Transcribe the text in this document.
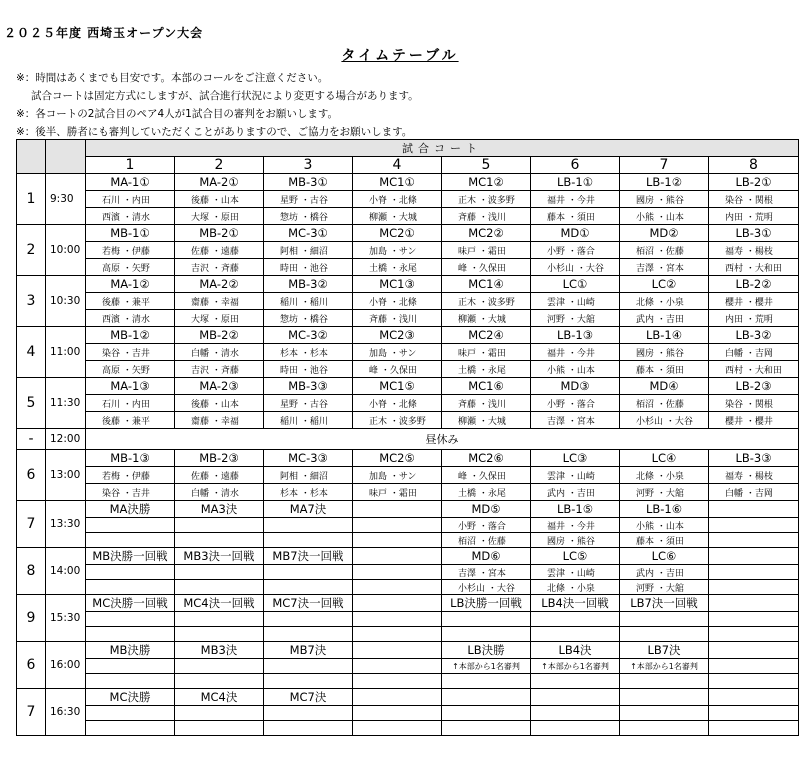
２０２５年度 西埼玉オープン大会
タイムテーブル
※：時間はあくまでも目安です。本部のコールをご注意ください。
試合コートは固定方式にしますが、試合進行状況により変更する場合があります。
※：各コートの2試合目のペア4人が1試合目の審判をお願いします。
※：後半、勝者にも審判していただくことがありますので、ご協力をお願いします。
		試合コート							
		1	2	3	4	5	6	7	8
1	9:30	MA-1①	MA-2①	MB-3①	MC1①	MC1②	LB-1①	LB-1②	LB-2①
		石川 ・内田	後藤 ・山本	星野 ・古谷	小脊 ・北條	正木 ・波多野	福井 ・今井	國房 ・熊谷	染谷 ・関根
		西濱 ・清水	大塚 ・原田	惣坊 ・橋谷	柳瀬 ・大城	斉藤 ・浅川	藤本 ・須田	小熊 ・山本	内田 ・荒明
2	10:00	MB-1①	MB-2①	MC-3①	MC2①	MC2②	MD①	MD②	LB-3①
		若梅 ・伊藤	佐藤 ・遠藤	阿相 ・細沼	加島 ・サン	味戸 ・霜田	小野 ・落合	栢沼 ・佐藤	福寿 ・楊枝
		高原 ・矢野	吉沢 ・斉藤	時田 ・池谷	土橋 ・永尾	峰 ・久保田	小杉山 ・大谷	吉澤 ・宮本	西村 ・大和田
3	10:30	MA-1②	MA-2②	MB-3②	MC1③	MC1④	LC①	LC②	LB-2②
		後藤 ・兼平	齋藤 ・幸福	稲川 ・稲川	小脊 ・北條	正木 ・波多野	雲津 ・山崎	北條 ・小泉	櫻井 ・櫻井
		西濱 ・清水	大塚 ・原田	惣坊 ・橋谷	斉藤 ・浅川	柳瀬 ・大城	河野 ・大舘	武内 ・吉田	内田 ・荒明
4	11:00	MB-1②	MB-2②	MC-3②	MC2③	MC2④	LB-1③	LB-1④	LB-3②
		染谷 ・吉井	白幡 ・清水	杉本 ・杉本	加島 ・サン	味戸 ・霜田	福井 ・今井	國房 ・熊谷	白幡 ・吉岡
		高原 ・矢野	吉沢 ・斉藤	時田 ・池谷	峰 ・久保田	土橋 ・永尾	小熊 ・山本	藤本 ・須田	西村 ・大和田
5	11:30	MA-1③	MA-2③	MB-3③	MC1⑤	MC1⑥	MD③	MD④	LB-2③
		石川 ・内田	後藤 ・山本	星野 ・古谷	小脊 ・北條	斉藤 ・浅川	小野 ・落合	栢沼 ・佐藤	染谷 ・関根
		後藤 ・兼平	齋藤 ・幸福	稲川 ・稲川	正木 ・波多野	柳瀬 ・大城	吉澤 ・宮本	小杉山 ・大谷	櫻井 ・櫻井
-	12:00	昼休み							
6	13:00	MB-1③	MB-2③	MC-3③	MC2⑤	MC2⑥	LC③	LC④	LB-3③
		若梅 ・伊藤	佐藤 ・遠藤	阿相 ・細沼	加島 ・サン	峰 ・久保田	雲津 ・山崎	北條 ・小泉	福寿 ・楊枝
		染谷 ・吉井	白幡 ・清水	杉本 ・杉本	味戸 ・霜田	土橋 ・永尾	武内 ・吉田	河野 ・大舘	白幡 ・吉岡
7	13:30	MA決勝	MA3決	MA7決		MD⑤	LB-1⑤	LB-1⑥	
						小野 ・落合	福井 ・今井	小熊 ・山本	
						栢沼 ・佐藤	國房 ・熊谷	藤本 ・須田	
8	14:00	MB決勝一回戦	MB3決一回戦	MB7決一回戦		MD⑥	LC⑤	LC⑥	
						吉澤 ・宮本	雲津 ・山崎	武内 ・吉田	
						小杉山 ・大谷	北條 ・小泉	河野 ・大舘	
9	15:30	MC決勝一回戦	MC4決一回戦	MC7決一回戦		LB決勝一回戦	LB4決一回戦	LB7決一回戦	

6	16:00	MB決勝	MB3決	MB7決		LB決勝	LB4決	LB7決	
						↑本部から1名審判	↑本部から1名審判	↑本部から1名審判	

7	16:30	MC決勝	MC4決	MC7決					
